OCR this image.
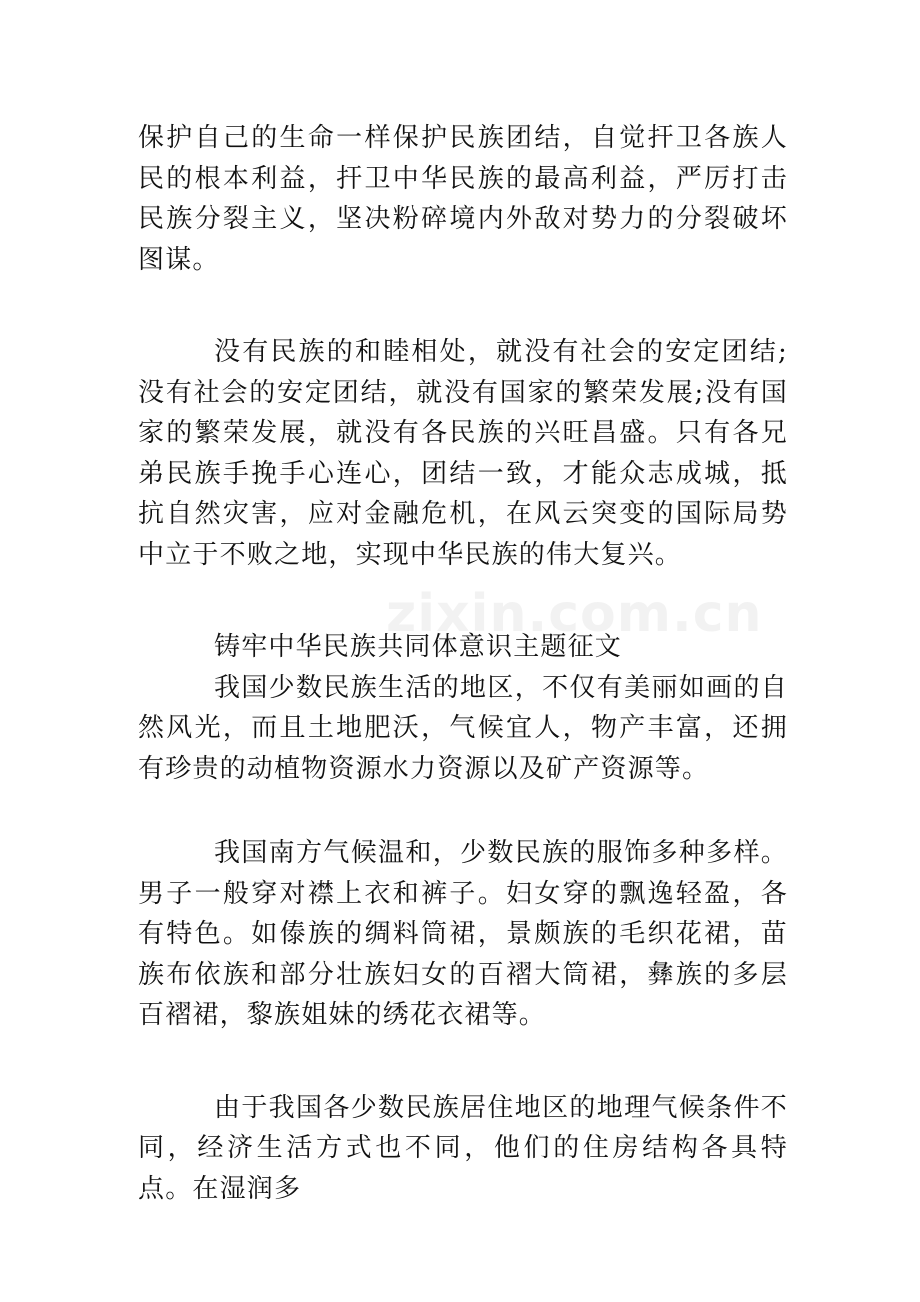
保护自己的生命一样保护民族团结，自觉扞卫各族人民的根本利益，扞卫中华民族的最高利益，严厉打击民族分裂主义，坚决粉碎境内外敌对势力的分裂破坏图谋。

没有民族的和睦相处，就没有社会的安定团结;没有社会的安定团结，就没有国家的繁荣发展;没有国家的繁荣发展，就没有各民族的兴旺昌盛。只有各兄弟民族手挽手心连心，团结一致，才能众志成城，抵抗自然灾害，应对金融危机，在风云突变的国际局势中立于不败之地，实现中华民族的伟大复兴。

铸牢中华民族共同体意识主题征文

我国少数民族生活的地区，不仅有美丽如画的自然风光，而且土地肥沃，气候宜人，物产丰富，还拥有珍贵的动植物资源水力资源以及矿产资源等。

我国南方气候温和，少数民族的服饰多种多样。男子一般穿对襟上衣和裤子。妇女穿的飘逸轻盈，各有特色。如傣族的绸料筒裙，景颇族的毛织花裙，苗族布依族和部分壮族妇女的百褶大筒裙，彝族的多层百褶裙，黎族姐妹的绣花衣裙等。

由于我国各少数民族居住地区的地理气候条件不同，经济生活方式也不同，他们的住房结构各具特点。在湿润多

zixin.com.cn
